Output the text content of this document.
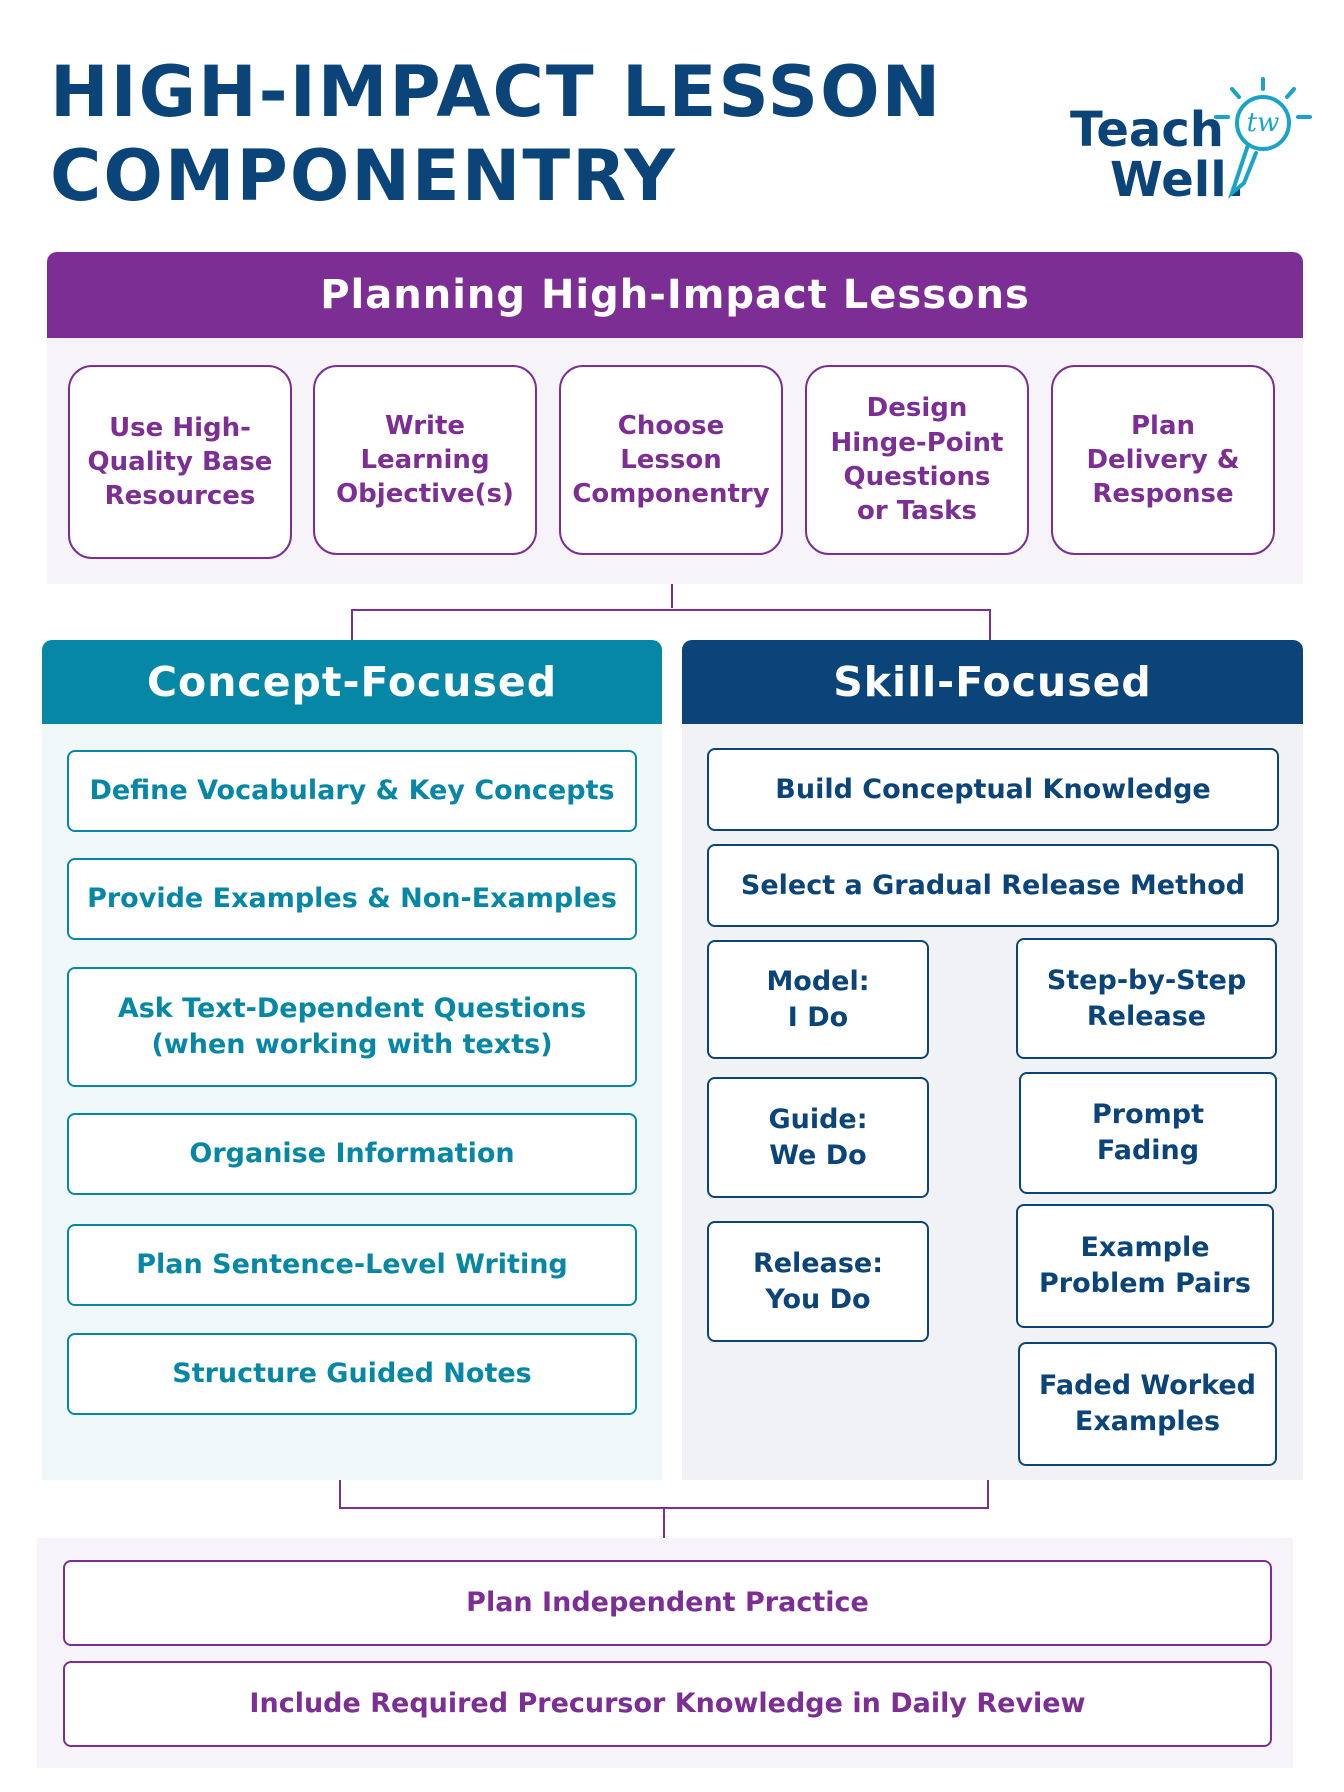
HIGH-IMPACT LESSON
COMPONENTRY
Teach
Well.
tw
Planning High-Impact Lessons
Use High-
Quality Base
Resources
Write
Learning
Objective(s)
Choose
Lesson
Componentry
Design
Hinge-Point
Questions
or Tasks
Plan
Delivery &
Response
Concept-Focused
Define Vocabulary & Key Concepts
Provide Examples & Non-Examples
Ask Text-Dependent Questions
(when working with texts)
Organise Information
Plan Sentence-Level Writing
Structure Guided Notes
Skill-Focused
Build Conceptual Knowledge
Select a Gradual Release Method
Model:
I Do
Guide:
We Do
Release:
You Do
Step-by-Step
Release
Prompt
Fading
Example
Problem Pairs
Faded Worked
Examples
Plan Independent Practice
Include Required Precursor Knowledge in Daily Review
